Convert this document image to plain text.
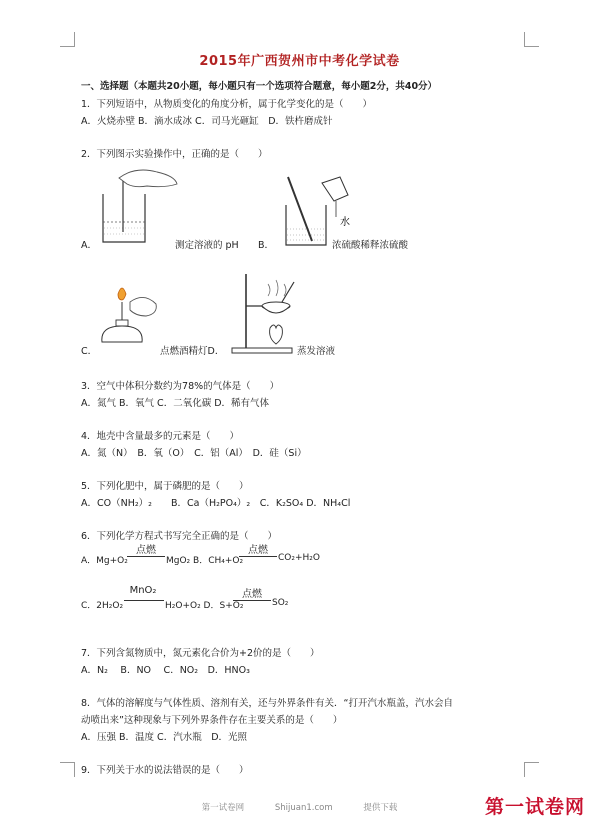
2015年广西贺州市中考化学试卷
一、选择题（本题共20小题，每小题只有一个选项符合题意，每小题2分，共40分）
1．下列短语中，从物质变化的角度分析，属于化学变化的是（　　）
A．火烧赤壁 B．滴水成冰 C．司马光砸缸　D．铁杵磨成针
2．下列图示实验操作中，正确的是（　　）
A．	测定溶液的 pH B．
水
浓硫酸稀释浓硫酸
C．	点燃酒精灯D．	蒸发溶液
3．空气中体积分数约为78%的气体是（　　）
A．氮气 B．氧气 C．二氧化碳 D．稀有气体
4．地壳中含量最多的元素是（　　）
A．氮（N）　B．氧（O）　C．铝（Al）　D．硅（Si）
5．下列化肥中，属于磷肥的是（　　）
A．CO（NH₂）₂　　B．Ca（H₂PO₄）₂　C．K₂SO₄ D．NH₄Cl
6．下列化学方程式书写完全正确的是（　　）
A．Mg+O₂
点燃
MgO₂ B．CH₄+O₂
点燃
CO₂+H₂O
C．2H₂O₂
MnO₂
H₂O+O₂ D．S+O₂
点燃
SO₂
7．下列含氮物质中，氮元素化合价为+2价的是（　　）
A．N₂　 B．NO　 C．NO₂　D．HNO₃
8．气体的溶解度与气体性质、溶剂有关，还与外界条件有关．“打开汽水瓶盖，汽水会自
动喷出来”这种现象与下列外界条件存在主要关系的是（　　）
A．压强 B．温度 C．汽水瓶　D．光照
9．下列关于水的说法错误的是（　　）
第一试卷网	Shijuan1.com	提供下载	第一试卷网
